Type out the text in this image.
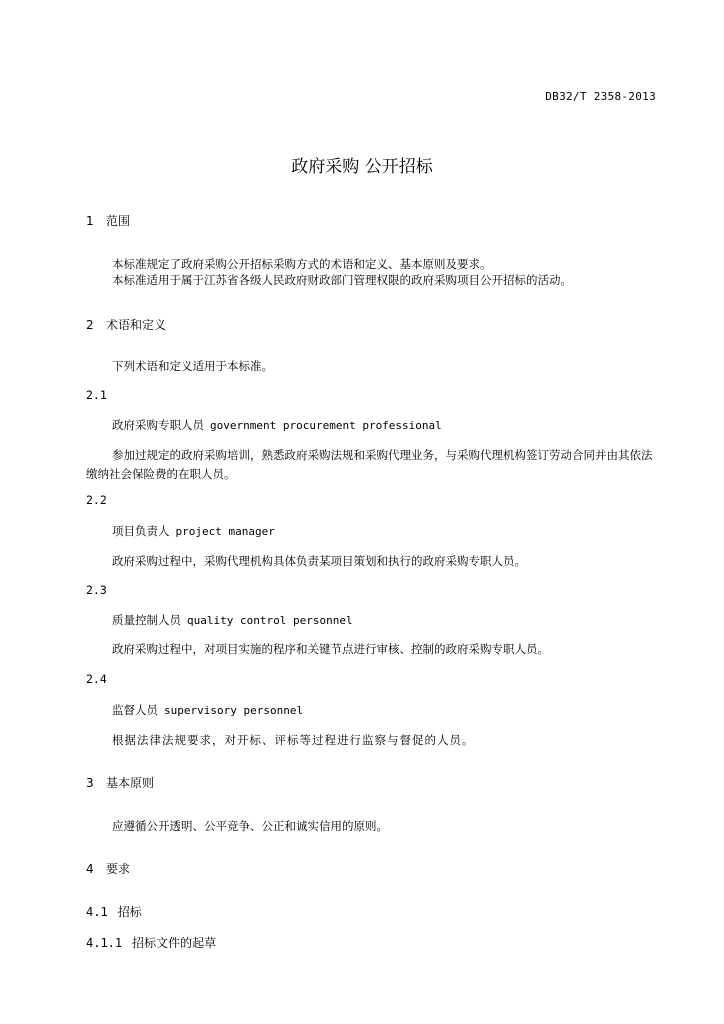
DB32/T 2358-2013
政府采购 公开招标
1 范围
本标准规定了政府采购公开招标采购方式的术语和定义、基本原则及要求。
本标准适用于属于江苏省各级人民政府财政部门管理权限的政府采购项目公开招标的活动。
2 术语和定义
下列术语和定义适用于本标准。
2.1
政府采购专职人员 government procurement professional
参加过规定的政府采购培训，熟悉政府采购法规和采购代理业务，与采购代理机构签订劳动合同并由其依法缴纳社会保险费的在职人员。
2.2
项目负责人 project manager
政府采购过程中，采购代理机构具体负责某项目策划和执行的政府采购专职人员。
2.3
质量控制人员 quality control personnel
政府采购过程中，对项目实施的程序和关键节点进行审核、控制的政府采购专职人员。
2.4
监督人员 supervisory personnel
根据法律法规要求，对开标、评标等过程进行监察与督促的人员。
3 基本原则
应遵循公开透明、公平竞争、公正和诚实信用的原则。
4 要求
4.1 招标
4.1.1 招标文件的起草
